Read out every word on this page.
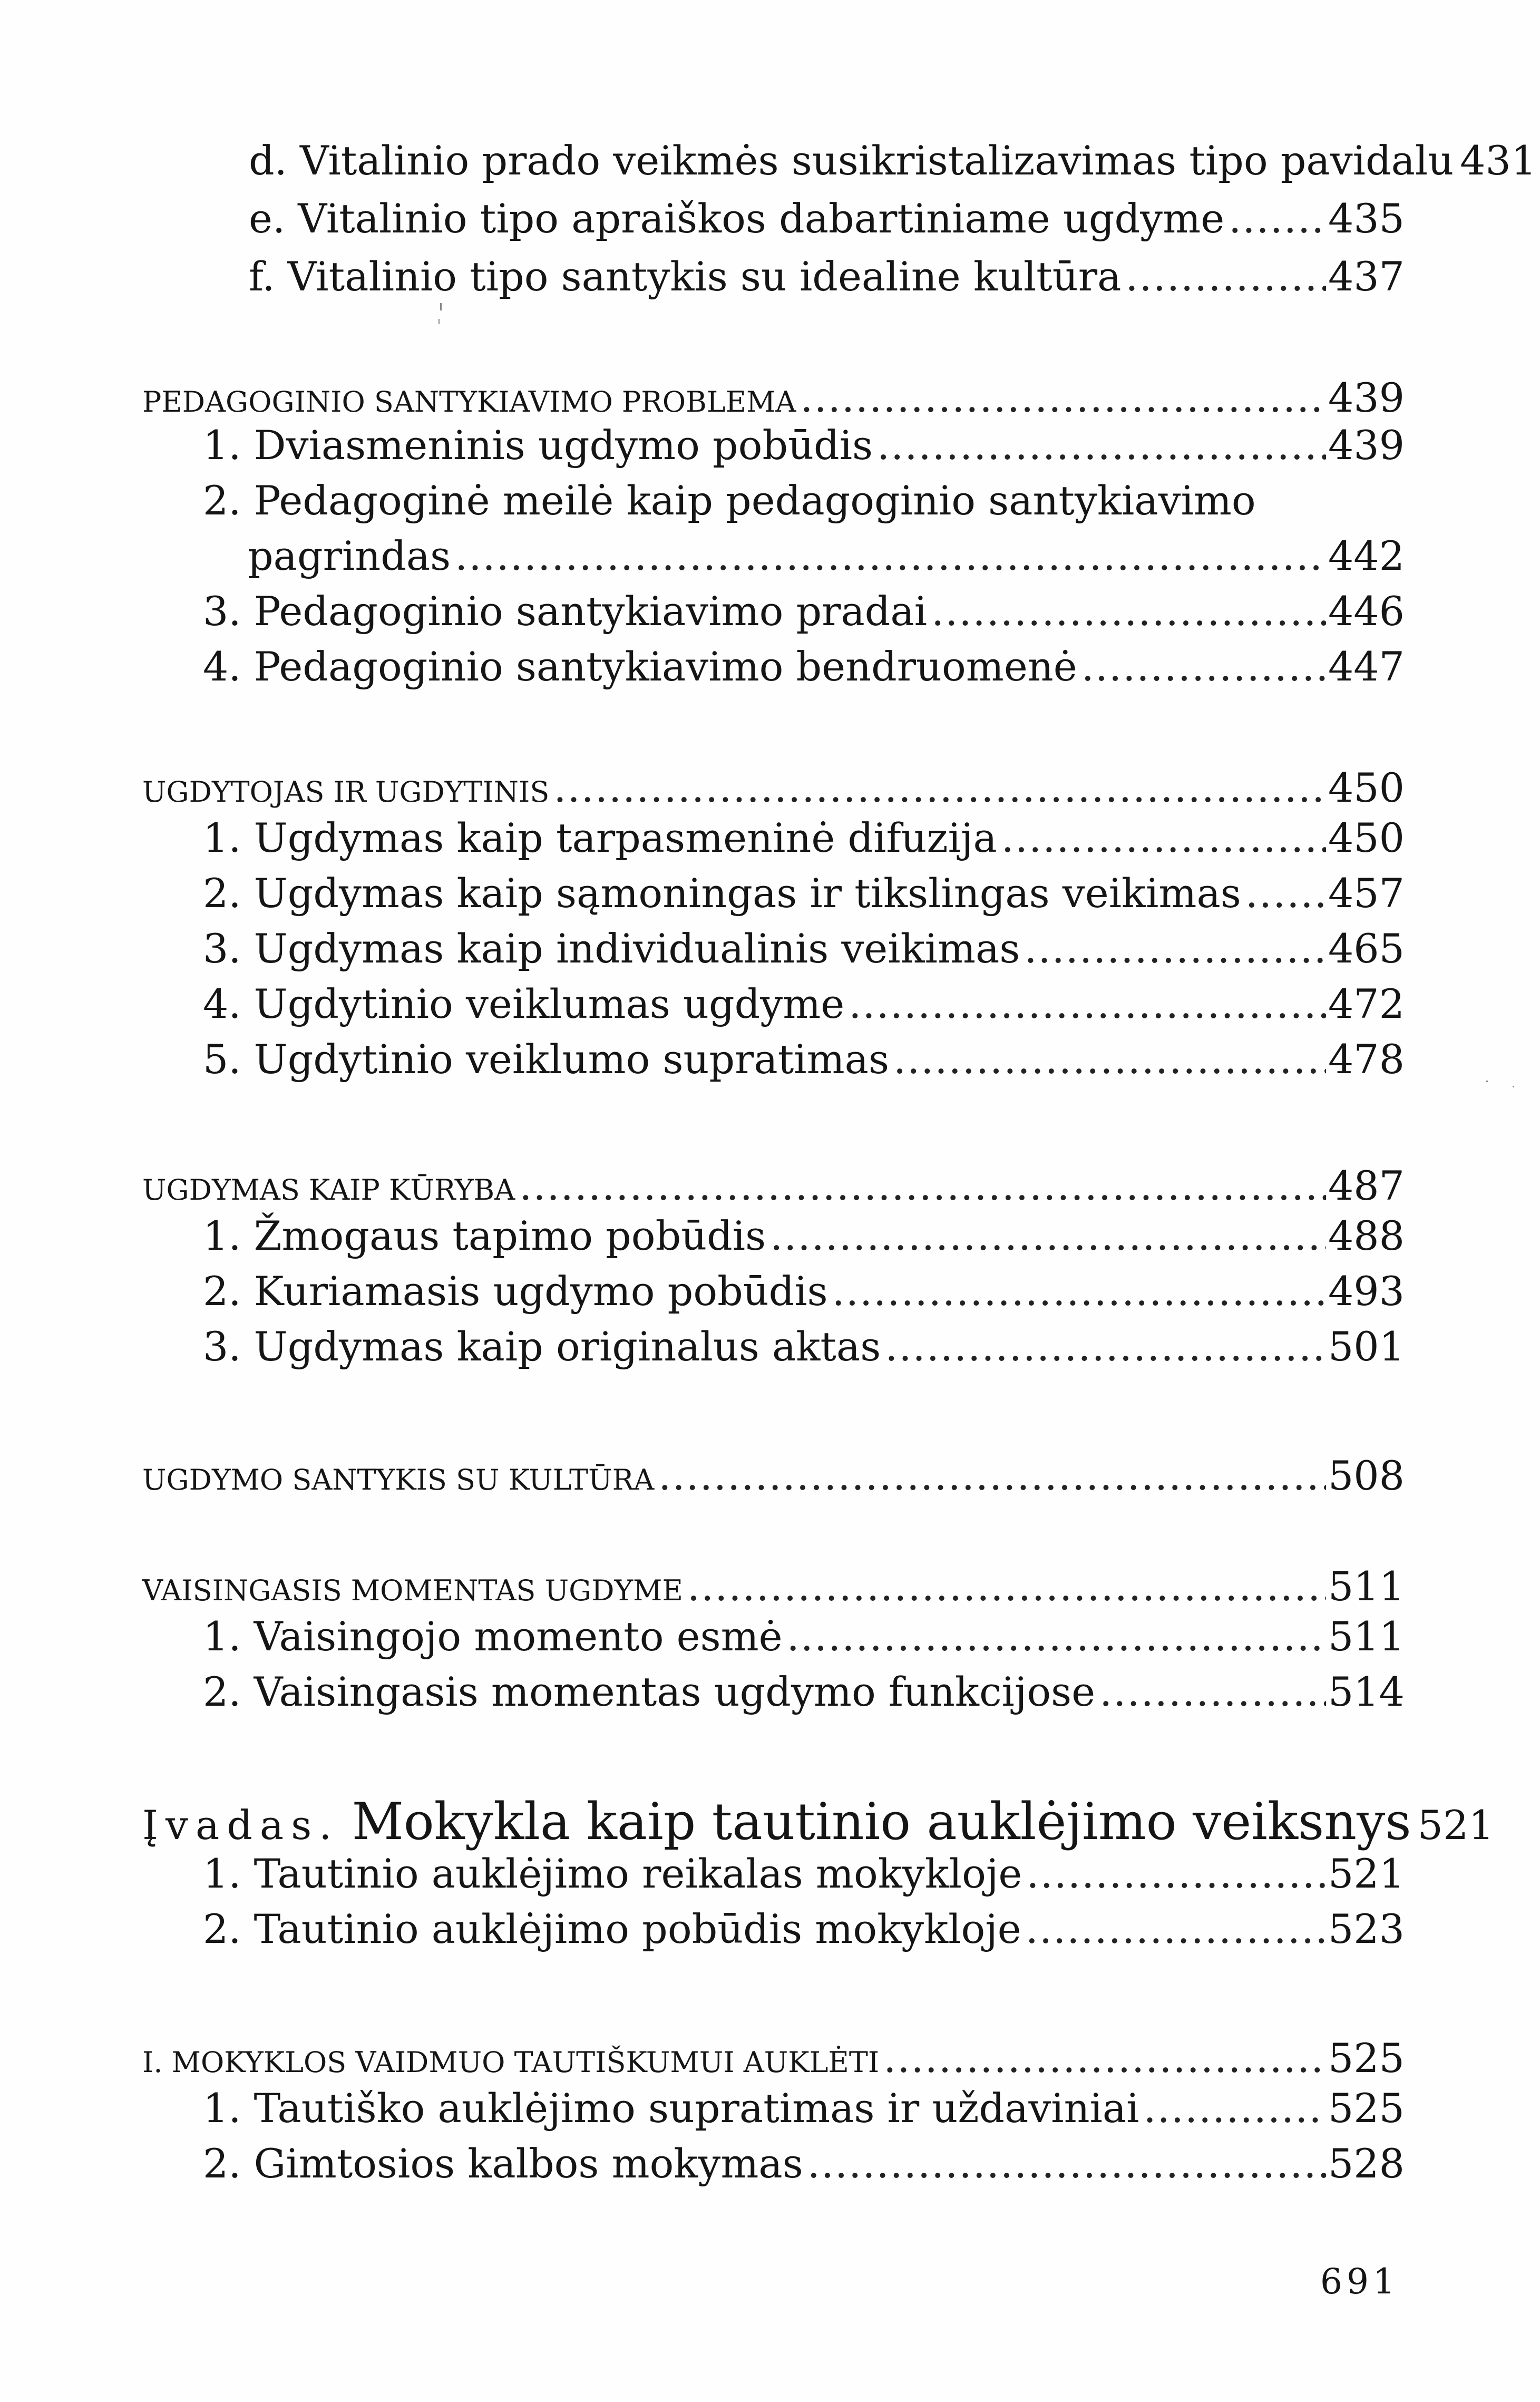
d. Vitalinio prado veikmės susikristalizavimas tipo pavidalu 431
e. Vitalinio tipo apraiškos dabartiniame ugdyme .....	435
f. Vitalinio tipo santykis su idealine kultūra .....	437
PEDAGOGINIO SANTYKIAVIMO PROBLEMA .....	439
1. Dviasmeninis ugdymo pobūdis .....	439
2. Pedagoginė meilė kaip pedagoginio santykiavimo
pagrindas .....	442
3. Pedagoginio santykiavimo pradai .....	446
4. Pedagoginio santykiavimo bendruomenė .....	447
UGDYTOJAS IR UGDYTINIS .....	450
1. Ugdymas kaip tarpasmeninė difuzija .....	450
2. Ugdymas kaip sąmoningas ir tikslingas veikimas ..... 457
3. Ugdymas kaip individualinis veikimas .....	465
4. Ugdytinio veiklumas ugdyme .....	472
5. Ugdytinio veiklumo supratimas .....	478
UGDYMAS KAIP KŪRYBA .....	487
1. Žmogaus tapimo pobūdis .....	488
2. Kuriamasis ugdymo pobūdis .....	493
3. Ugdymas kaip originalus aktas .....	501
UGDYMO SANTYKIS SU KULTŪRA .....	508
VAISINGASIS MOMENTAS UGDYME .....	511
1. Vaisingojo momento esmė .....	511
2. Vaisingasis momentas ugdymo funkcijose .....	514
Įvadas. Mokykla kaip tautinio auklėjimo veiksnys 521
1. Tautinio auklėjimo reikalas mokykloje .....	521
2. Tautinio auklėjimo pobūdis mokykloje .....	523
I. MOKYKLOS VAIDMUO TAUTIŠKUMUI AUKLĖTI .....	525
1. Tautiško auklėjimo supratimas ir uždaviniai .....	525
2. Gimtosios kalbos mokymas .....	528
691
